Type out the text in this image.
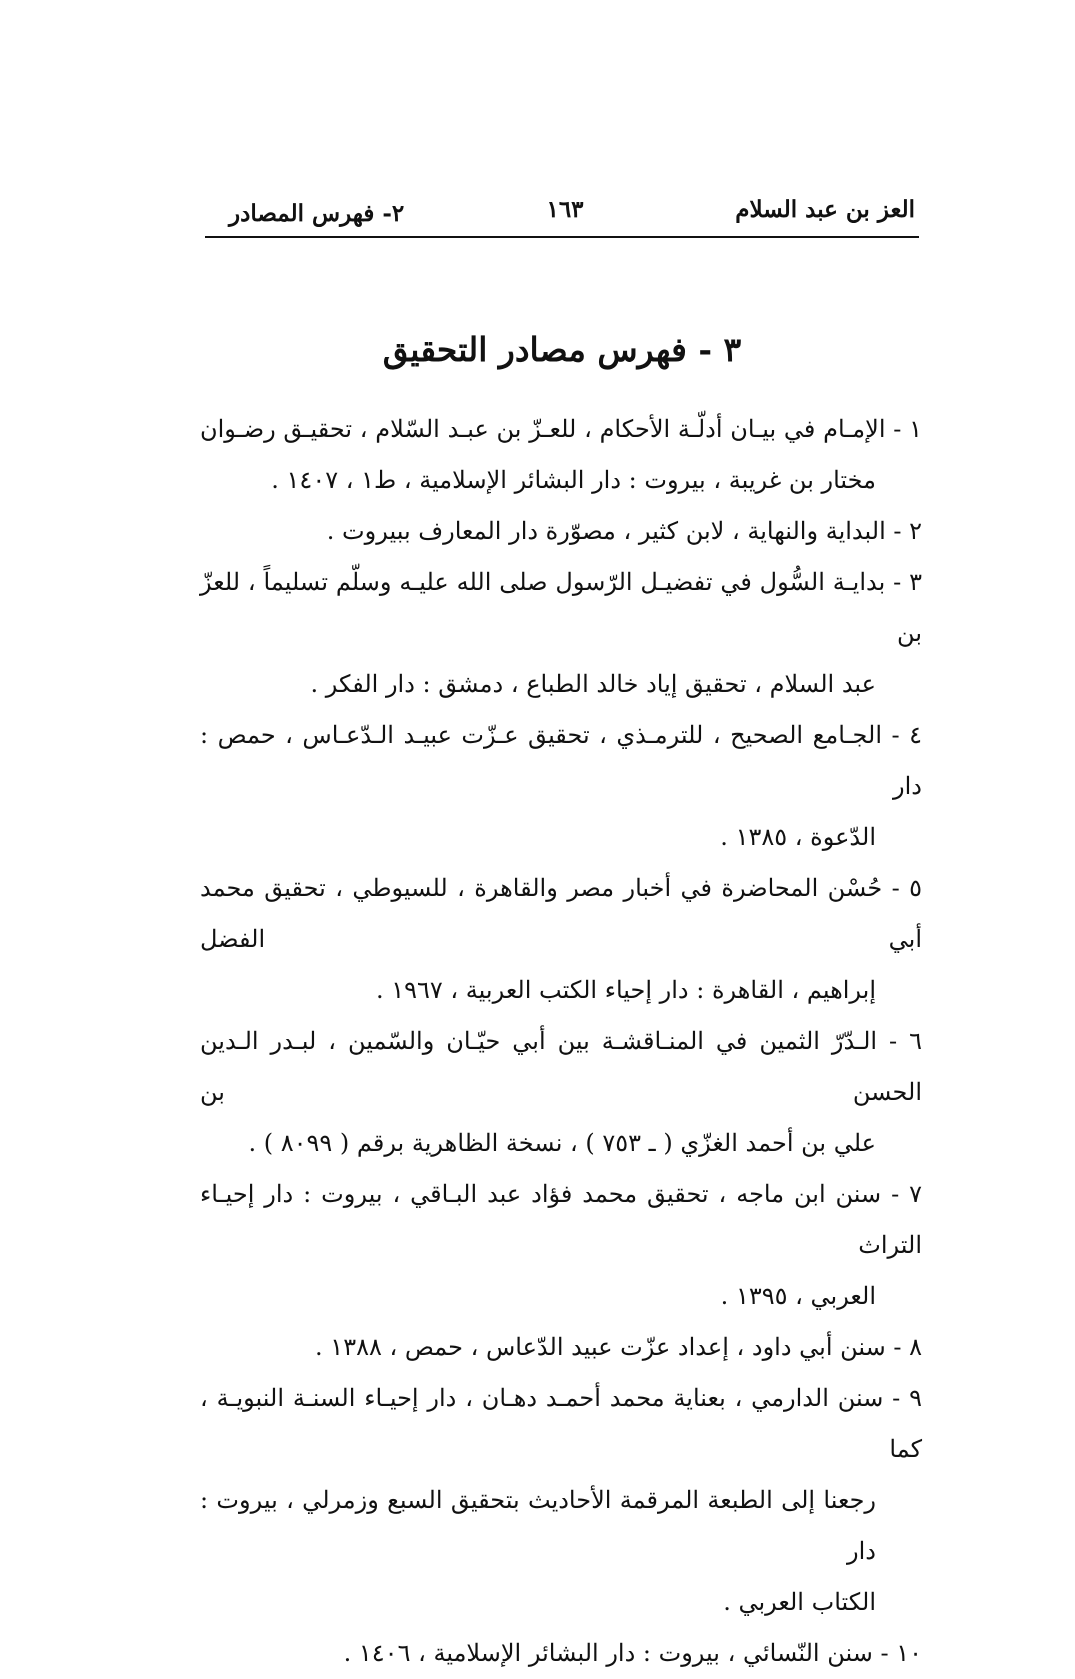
العز بن عبد السلام
١٦٣
٢- فهرس المصادر
٣ - فهرس مصادر التحقيق
١ - الإمـام في بيـان أدلّـة الأحكام ، للعـزّ بن عبـد السّلام ، تحقيـق رضـوان
مختار بن غريبة ، بيروت : دار البشائر الإسلامية ، ط١ ، ١٤٠٧ .
٢ - البداية والنهاية ، لابن كثير ، مصوّرة دار المعارف ببيروت .
٣ - بدايـة السُّول في تفضيـل الرّسول صلى الله عليـه وسلّم تسليماً ، للعزّ بن
عبد السلام ، تحقيق إياد خالد الطباع ، دمشق : دار الفكر .
٤ - الجـامع الصحيح ، للترمـذي ، تحقيق عـزّت عبيـد الـدّعـاس ، حمص : دار
الدّعوة ، ١٣٨٥ .
٥ - حُسْن المحاضرة في أخبار مصر والقاهرة ، للسيوطي ، تحقيق محمد أبي الفضل
إبراهيم ، القاهرة : دار إحياء الكتب العربية ، ١٩٦٧ .
٦ - الـدّرّ الثمين في المنـاقشـة بين أبي حيّـان والسّمين ، لبـدر الـدين الحسن بن
علي بن أحمد الغزّي ( ـ ٧٥٣ ) ، نسخة الظاهرية برقم ( ٨٠٩٩ ) .
٧ - سنن ابن ماجه ، تحقيق محمد فؤاد عبد البـاقي ، بيروت : دار إحيـاء التراث
العربي ، ١٣٩٥ .
٨ - سنن أبي داود ، إعداد عزّت عبيد الدّعاس ، حمص ، ١٣٨٨ .
٩ - سنن الدارمي ، بعناية محمد أحمـد دهـان ، دار إحيـاء السنـة النبويـة ، كما
رجعنا إلى الطبعة المرقمة الأحاديث بتحقيق السبع وزمرلي ، بيروت : دار
الكتاب العربي .
١٠ - سنن النّسائي ، بيروت : دار البشائر الإسلامية ، ١٤٠٦ .
